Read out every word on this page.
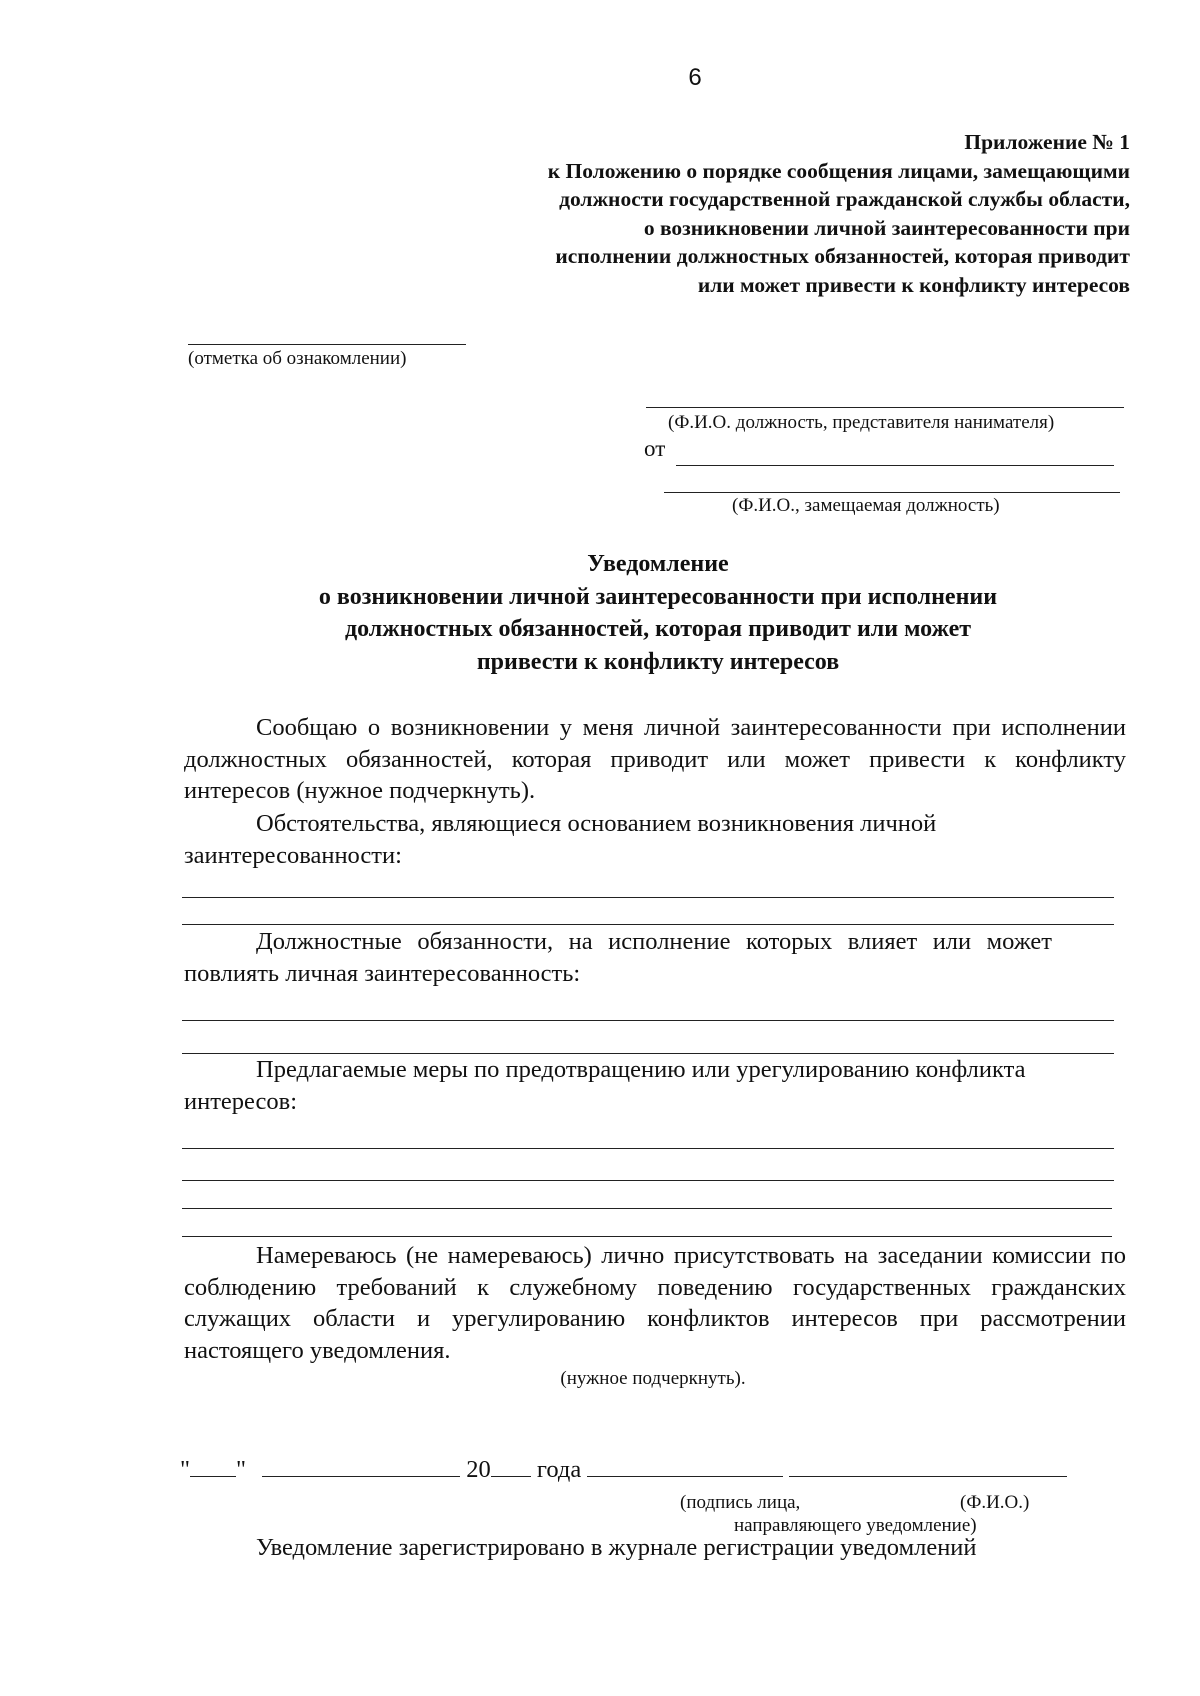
6
Приложение № 1
к Положению о порядке сообщения лицами, замещающими
должности государственной гражданской службы области,
о возникновении личной заинтересованности при
исполнении должностных обязанностей, которая приводит
или может привести к конфликту интересов
(отметка об ознакомлении)
(Ф.И.О. должность, представителя нанимателя)
от
(Ф.И.О., замещаемая должность)
Уведомление
о возникновении личной заинтересованности при исполнении
должностных обязанностей, которая приводит или может
привести к конфликту интересов
Сообщаю о возникновении у меня личной заинтересованности при исполнении должностных обязанностей, которая приводит или может привести к конфликту интересов (нужное подчеркнуть).
Обстоятельства, являющиеся основанием возникновения личной заинтересованности:
Должностные обязанности, на исполнение которых влияет или может повлиять личная заинтересованность:
Предлагаемые меры по предотвращению или урегулированию конфликта интересов:
Намереваюсь (не намереваюсь) лично присутствовать на заседании комиссии по соблюдению требований к служебному поведению государственных гражданских служащих области и урегулированию конфликтов интересов при рассмотрении настоящего уведомления.
(нужное подчеркнуть).
" "	20 года
(подпись лица,	(Ф.И.О.)
направляющего уведомление)
Уведомление зарегистрировано в журнале регистрации уведомлений
